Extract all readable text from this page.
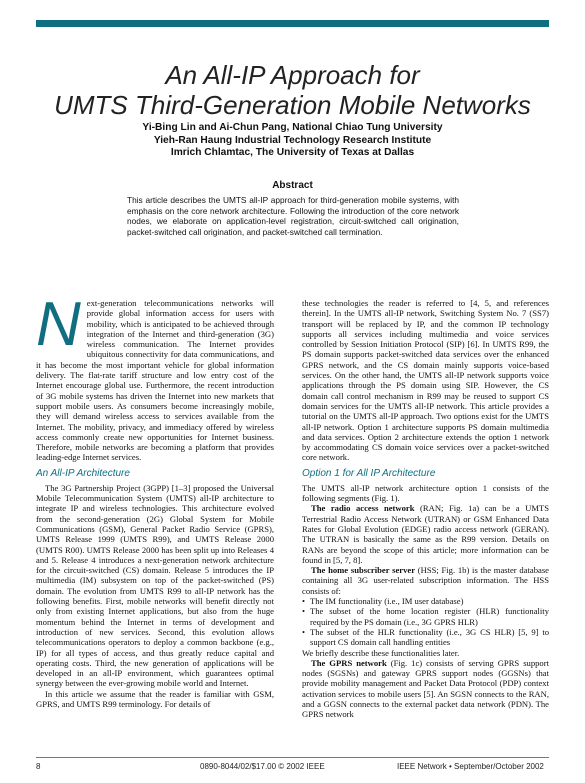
An All-IP Approach for
UMTS Third-Generation Mobile Networks
Yi-Bing Lin and Ai-Chun Pang, National Chiao Tung University
Yieh-Ran Haung Industrial Technology Research Institute
Imrich Chlamtac, The University of Texas at Dallas
Abstract
This article describes the UMTS all-IP approach for third-generation mobile systems, with emphasis on the core network architecture. Following the introduction of the core network nodes, we elaborate on application-level registration, circuit-switched call origination, packet-switched call origination, and packet-switched call termination.

N ext-generation telecommunications networks will provide global information access for users with mobility, which is anticipated to be achieved through integration of the Internet and third-generation (3G) wireless communication. The Internet provides ubiquitous connectivity for data communications, and it has become the most important vehicle for global information delivery. The flat-rate tariff structure and low entry cost of the Internet encourage global use. Furthermore, the recent introduction of 3G mobile systems has driven the Internet into new markets that support mobile users. As consumers become increasingly mobile, they will demand wireless access to services available from the Internet. The mobility, privacy, and immediacy offered by wireless access commonly create new opportunities for Internet business. Therefore, mobile networks are becoming a platform that provides leading-edge Internet services.

An All-IP Architecture

The 3G Partnership Project (3GPP) [1–3] proposed the Universal Mobile Telecommunication System (UMTS) all-IP architecture to integrate IP and wireless technologies. This architecture evolved from the second-generation (2G) Global System for Mobile Communications (GSM), General Packet Radio Service (GPRS), UMTS Release 1999 (UMTS R99), and UMTS Release 2000 (UMTS R00). UMTS Release 2000 has been split up into Releases 4 and 5. Release 4 introduces a next-generation network architecture for the circuit-switched (CS) domain. Release 5 introduces the IP multimedia (IM) subsystem on top of the packet-switched (PS) domain. The evolution from UMTS R99 to all-IP network has the following benefits. First, mobile networks will benefit directly not only from existing Internet applications, but also from the huge momentum behind the Internet in terms of development and introduction of new services. Second, this evolution allows telecommunications operators to deploy a common backbone (e.g., IP) for all types of access, and thus greatly reduce capital and operating costs. Third, the new generation of applications will be developed in an all-IP environment, which guarantees optimal synergy between the ever-growing mobile world and Internet.

In this article we assume that the reader is familiar with GSM, GPRS, and UMTS R99 terminology. For details of

these technologies the reader is referred to [4, 5, and references therein]. In the UMTS all-IP network, Switching System No. 7 (SS7) transport will be replaced by IP, and the common IP technology supports all services including multimedia and voice services controlled by Session Initiation Protocol (SIP) [6]. In UMTS R99, the PS domain supports packet-switched data services over the enhanced GPRS network, and the CS domain mainly supports voice-based services. On the other hand, the UMTS all-IP network supports voice applications through the PS domain using SIP. However, the CS domain call control mechanism in R99 may be reused to support CS domain services for the UMTS all-IP network. This article provides a tutorial on the UMTS all-IP approach. Two options exist for the UMTS all-IP network. Option 1 architecture supports PS domain multimedia and data services. Option 2 architecture extends the option 1 network by accommodating CS domain voice services over a packet-switched core network.

Option 1 for All IP Architecture

The UMTS all-IP network architecture option 1 consists of the following segments (Fig. 1).

The radio access network (RAN; Fig. 1a) can be a UMTS Terrestrial Radio Access Network (UTRAN) or GSM Enhanced Data Rates for Global Evolution (EDGE) radio access network (GERAN). The UTRAN is basically the same as the R99 version. Details on RANs are beyond the scope of this article; more information can be found in [5, 7, 8].

The home subscriber server (HSS; Fig. 1b) is the master database containing all 3G user-related subscription information. The HSS consists of:

• The IM functionality (i.e., IM user database)
• The subset of the home location register (HLR) functionality required by the PS domain (i.e., 3G GPRS HLR)
• The subset of the HLR functionality (i.e., 3G CS HLR) [5, 9] to support CS domain call handling entities

We briefly describe these functionalities later.

The GPRS network (Fig. 1c) consists of serving GPRS support nodes (SGSNs) and gateway GPRS support nodes (GGSNs) that provide mobility management and Packet Data Protocol (PDP) context activation services to mobile users [5]. An SGSN connects to the RAN, and a GGSN connects to the external packet data network (PDN). The GPRS network

8	0890-8044/02/$17.00 © 2002 IEEE	IEEE Network • September/October 2002
